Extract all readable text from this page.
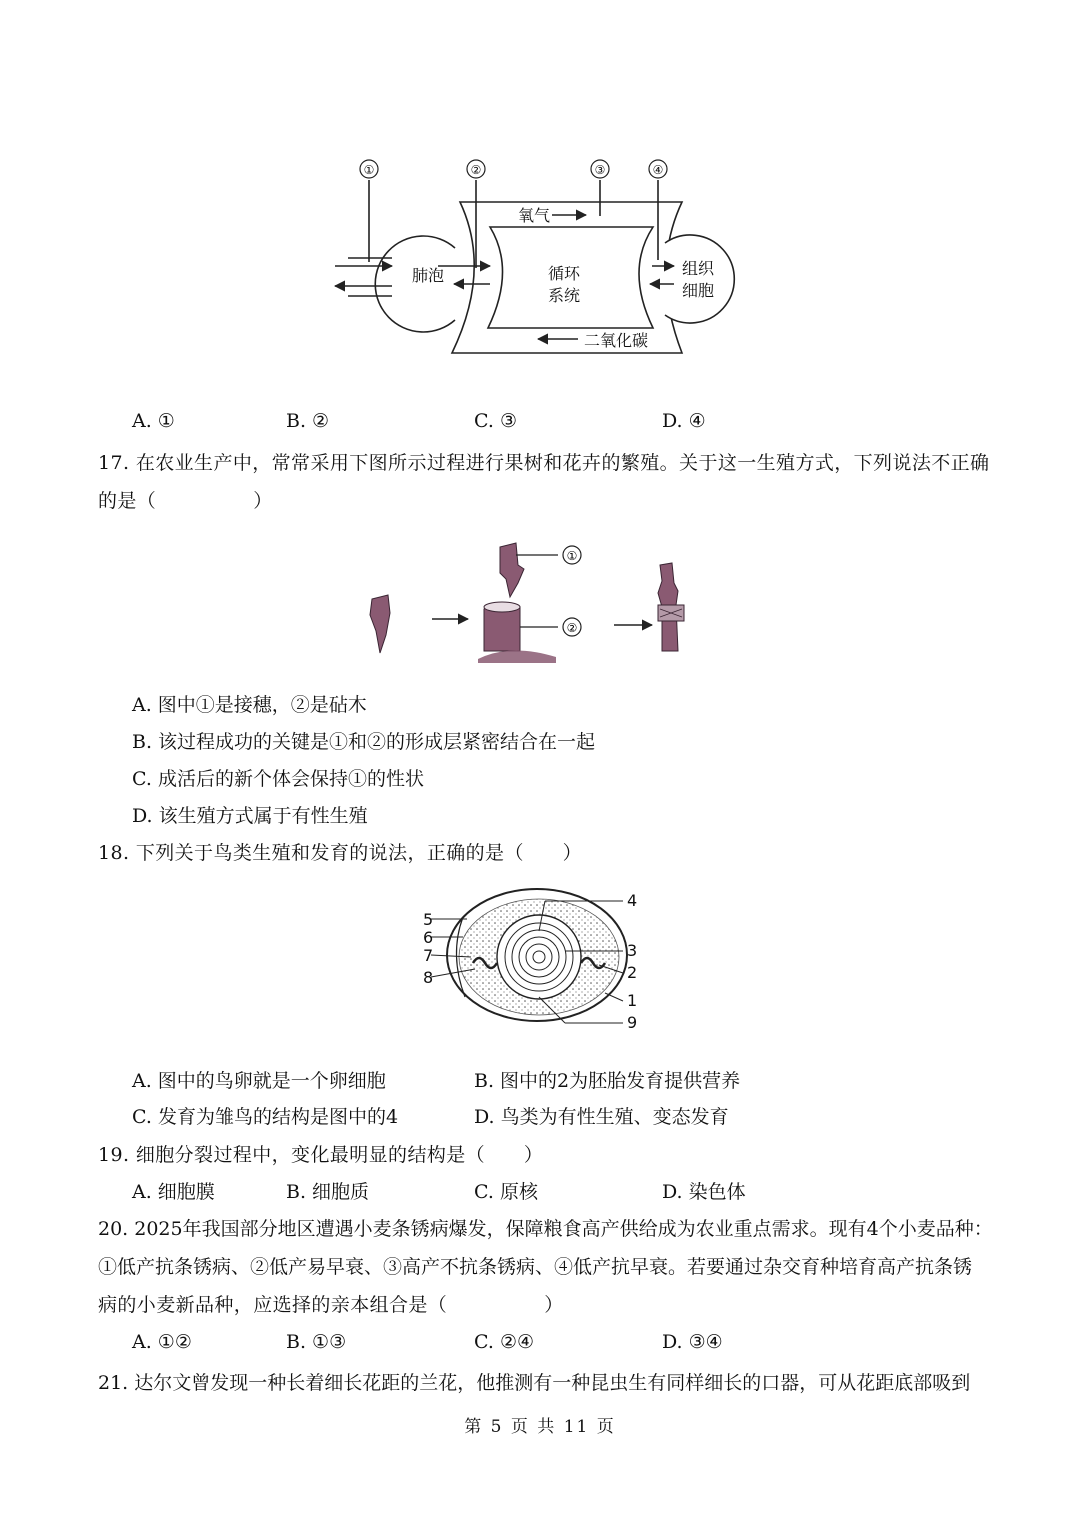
①	②	③	④
肺泡	循环
系统
组织
细胞
氧气
二氧化碳
A. ①	B. ②	C. ③	D. ④
17. 在农业生产中，常常采用下图所示过程进行果树和花卉的繁殖。关于这一生殖方式，下列说法不正确
的是（　　　　　）
①
②
A. 图中①是接穗，②是砧木
B. 该过程成功的关键是①和②的形成层紧密结合在一起
C. 成活后的新个体会保持①的性状
D. 该生殖方式属于有性生殖
18. 下列关于鸟类生殖和发育的说法，正确的是（　　）
5
6
7
8
4
3
2
1
9
A. 图中的鸟卵就是一个卵细胞	B. 图中的2为胚胎发育提供营养
C. 发育为雏鸟的结构是图中的4	D. 鸟类为有性生殖、变态发育
19. 细胞分裂过程中，变化最明显的结构是（　　）
A. 细胞膜	B. 细胞质	C. 原核	D. 染色体
20. 2025年我国部分地区遭遇小麦条锈病爆发，保障粮食高产供给成为农业重点需求。现有4个小麦品种：
①低产抗条锈病、②低产易早衰、③高产不抗条锈病、④低产抗早衰。若要通过杂交育种培育高产抗条锈
病的小麦新品种，应选择的亲本组合是（　　　　　）
A. ①②	B. ①③	C. ②④	D. ③④
21. 达尔文曾发现一种长着细长花距的兰花，他推测有一种昆虫生有同样细长的口器，可从花距底部吸到
第 5 页 共 11 页
